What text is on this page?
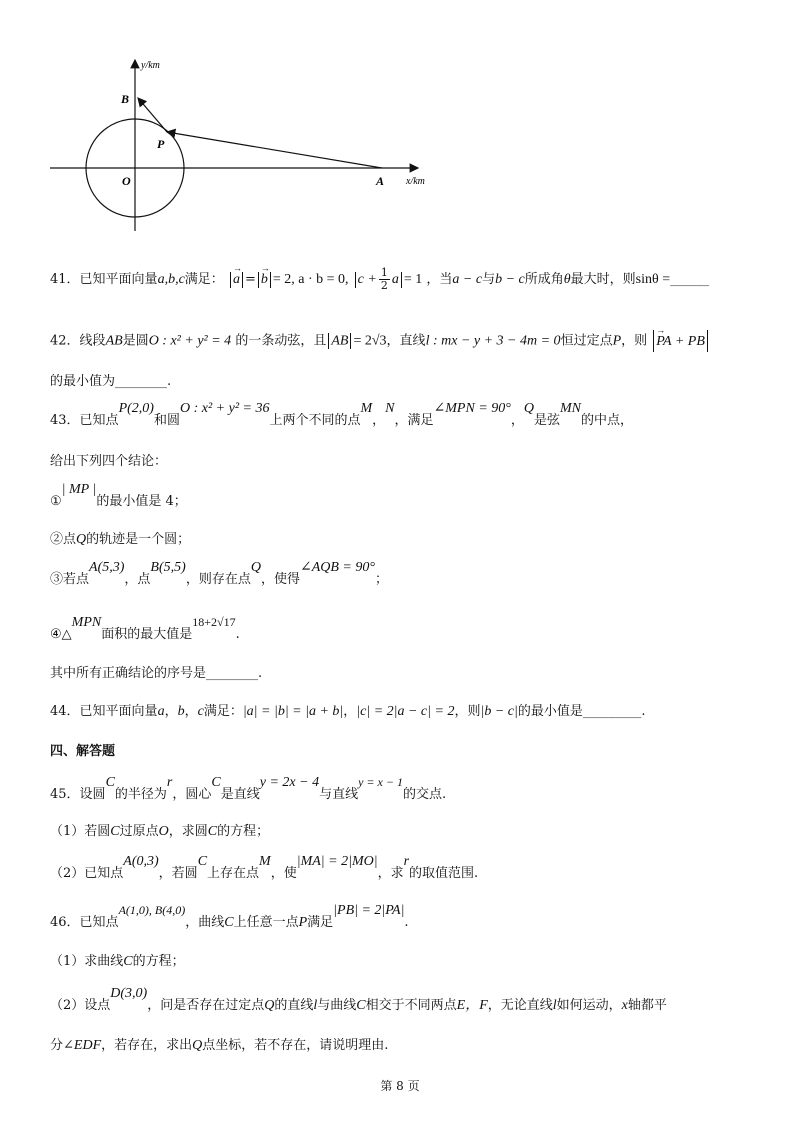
y/km
x/km
B
P
O	A
41．已知平面向量a,b,c满足： → a = → b = 2, a · b = 0, $c + \frac{1}{2}$ a = 1 ，当a − c与b − c所成角θ最大时，则sinθ =______
42．线段AB是圆O : x² + y² = 4 的一条动弦，且 AB = 2√3，直线l : mx − y + 3 − 4m = 0恒过定点P，则 → PA + PB
的最小值为________.
43．已知点P(2,0)和圆O : x² + y² = 36上两个不同的点M，N，满足∠MPN = 90°，Q是弦MN的中点，
给出下列四个结论：
①| MP |的最小值是 4；
②点Q的轨迹是一个圆；
③若点A(5,3)，点B(5,5)，则存在点Q，使得∠AQB = 90°；
④△MPN面积的最大值是18+2√17.
其中所有正确结论的序号是________.
44．已知平面向量a，b，c满足：|a| = |b| = |a + b|，|c| = 2|a − c| = 2，则|b − c|的最小值是_________.
四、解答题
45．设圆C的半径为r，圆心C是直线y = 2x − 4与直线y = x − 1的交点.
（1）若圆C过原点O，求圆C的方程；
（2）已知点A(0,3)，若圆C上存在点M，使|MA| = 2|MO|，求r的取值范围.
46．已知点A(1,0), B(4,0)，曲线C上任意一点P满足|PB| = 2|PA|.
（1）求曲线C的方程；
（2）设点D(3,0)，问是否存在过定点Q的直线l与曲线C相交于不同两点E，F，无论直线l如何运动，x轴都平
分∠EDF，若存在，求出Q点坐标，若不存在，请说明理由.
第 8 页
